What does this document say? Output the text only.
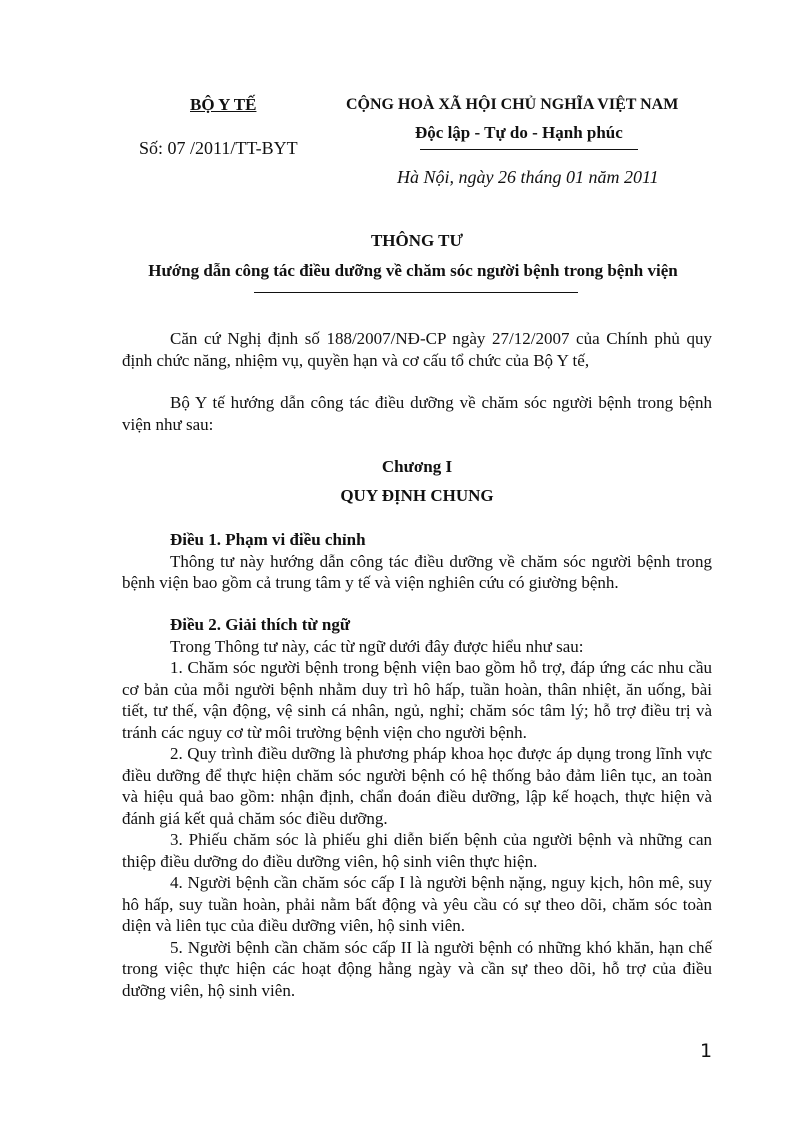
BỘ Y TẾ
Số: 07 /2011/TT-BYT
CỘNG HOÀ XÃ HỘI CHỦ NGHĨA VIỆT NAM
Độc lập - Tự do - Hạnh phúc
Hà Nội, ngày 26 tháng 01 năm 2011
THÔNG TƯ
Hướng dẫn công tác điều dưỡng về chăm sóc người bệnh trong bệnh viện

Căn cứ Nghị định số 188/2007/NĐ-CP ngày 27/12/2007 của Chính phủ quy định chức năng, nhiệm vụ, quyền hạn và cơ cấu tổ chức của Bộ Y tế,

Bộ Y tế hướng dẫn công tác điều dưỡng về chăm sóc người bệnh trong bệnh viện như sau:

Chương I
QUY ĐỊNH CHUNG

Điều 1. Phạm vi điều chỉnh

Thông tư này hướng dẫn công tác điều dưỡng về chăm sóc người bệnh trong bệnh viện bao gồm cả trung tâm y tế và viện nghiên cứu có giường bệnh.

Điều 2. Giải thích từ ngữ

Trong Thông tư này, các từ ngữ dưới đây được hiểu như sau:

1. Chăm sóc người bệnh trong bệnh viện bao gồm hỗ trợ, đáp ứng các nhu cầu cơ bản của mỗi người bệnh nhằm duy trì hô hấp, tuần hoàn, thân nhiệt, ăn uống, bài tiết, tư thế, vận động, vệ sinh cá nhân, ngủ, nghỉ; chăm sóc tâm lý; hỗ trợ điều trị và tránh các nguy cơ từ môi trường bệnh viện cho người bệnh.

2. Quy trình điều dưỡng là phương pháp khoa học được áp dụng trong lĩnh vực điều dưỡng để thực hiện chăm sóc người bệnh có hệ thống bảo đảm liên tục, an toàn và hiệu quả bao gồm: nhận định, chẩn đoán điều dưỡng, lập kế hoạch, thực hiện và đánh giá kết quả chăm sóc điều dưỡng.

3. Phiếu chăm sóc là phiếu ghi diễn biến bệnh của người bệnh và những can thiệp điều dưỡng do điều dưỡng viên, hộ sinh viên thực hiện.

4. Người bệnh cần chăm sóc cấp I là người bệnh nặng, nguy kịch, hôn mê, suy hô hấp, suy tuần hoàn, phải nằm bất động và yêu cầu có sự theo dõi, chăm sóc toàn diện và liên tục của điều dưỡng viên, hộ sinh viên.

5. Người bệnh cần chăm sóc cấp II là người bệnh có những khó khăn, hạn chế trong việc thực hiện các hoạt động hằng ngày và cần sự theo dõi, hỗ trợ của điều dưỡng viên, hộ sinh viên.

1
